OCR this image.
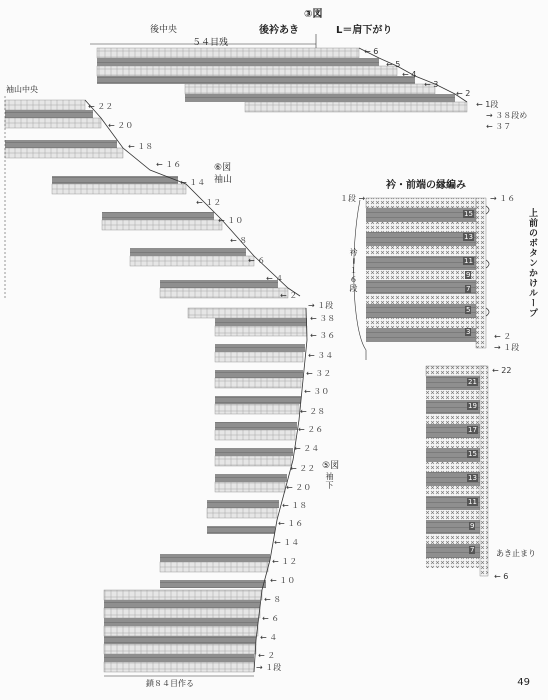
後中央
③図
後衿あき	L＝肩下がり
５４目残
← 6
← 5
← 4
← 3
← 2
← 1段
→ ３８段め
← ３７
袖山中央
⑥図
袖山
← ２２
← ２０
← １８
← １６
← １４
← １２
← １０
← ８
← ６
← ４
← ２
⑤図
袖下
→ １段
← ３８
← ３６
← ３４
← ３２
← ３０
← ２８
← ２６
← ２４
← ２２
← ２０
← １８
← １６
← １４
← １２
← １０
← ８
← ６
← ４
← ２
→ １段
鎖８４目作る
衿・前端の縁編み
１段 →	→ １６
衿＝１６段	上前のボタンかけループ
15
13
11
9
7
5
3	← ２
→ １段
← 22
21
19
17
15
13
11
9
7	あき止まり
← 6
49
